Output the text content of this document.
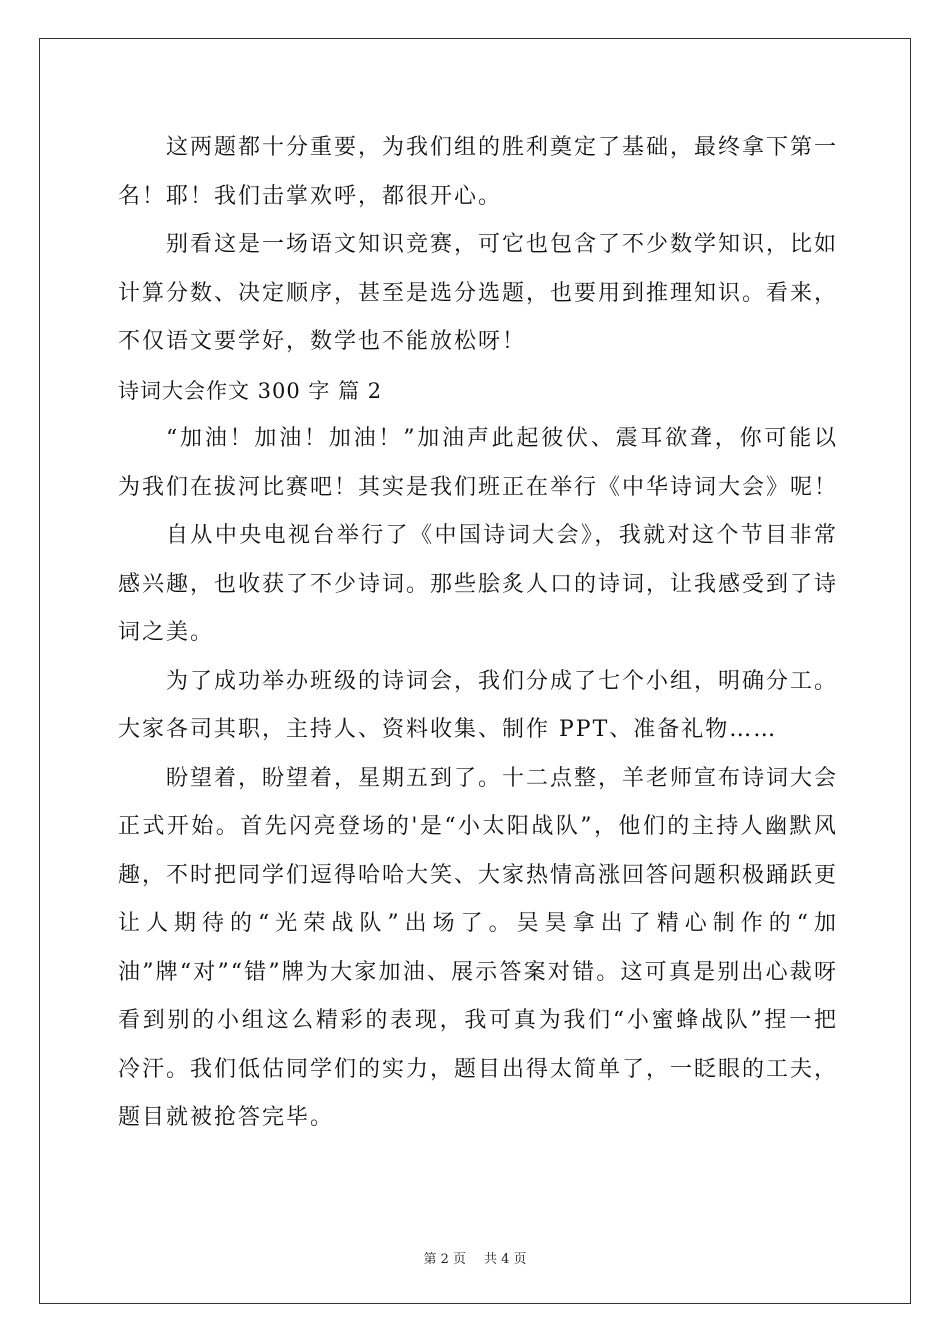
这两题都十分重要，为我们组的胜利奠定了基础，最终拿下第一名！耶！我们击掌欢呼，都很开心。

别看这是一场语文知识竞赛，可它也包含了不少数学知识，比如计算分数、决定顺序，甚至是选分选题，也要用到推理知识。看来，不仅语文要学好，数学也不能放松呀！

诗词大会作文 300 字 篇 2

“加油！加油！加油！”加油声此起彼伏、震耳欲聋，你可能以为我们在拔河比赛吧！其实是我们班正在举行《中华诗词大会》呢！

自从中央电视台举行了《中国诗词大会》，我就对这个节目非常感兴趣，也收获了不少诗词。那些脍炙人口的诗词，让我感受到了诗词之美。

为了成功举办班级的诗词会，我们分成了七个小组，明确分工。大家各司其职，主持人、资料收集、制作 PPT、准备礼物……

盼望着，盼望着，星期五到了。十二点整，羊老师宣布诗词大会正式开始。首先闪亮登场的'是“小太阳战队”，他们的主持人幽默风趣，不时把同学们逗得哈哈大笑、大家热情高涨回答问题积极踊跃更让人期待的“光荣战队”出场了。吴昊拿出了精心制作的“加油”牌“对”“错”牌为大家加油、展示答案对错。这可真是别出心裁呀看到别的小组这么精彩的表现，我可真为我们“小蜜蜂战队”捏一把冷汗。我们低估同学们的实力，题目出得太简单了，一眨眼的工夫，题目就被抢答完毕。

第 2 页 共 4 页
